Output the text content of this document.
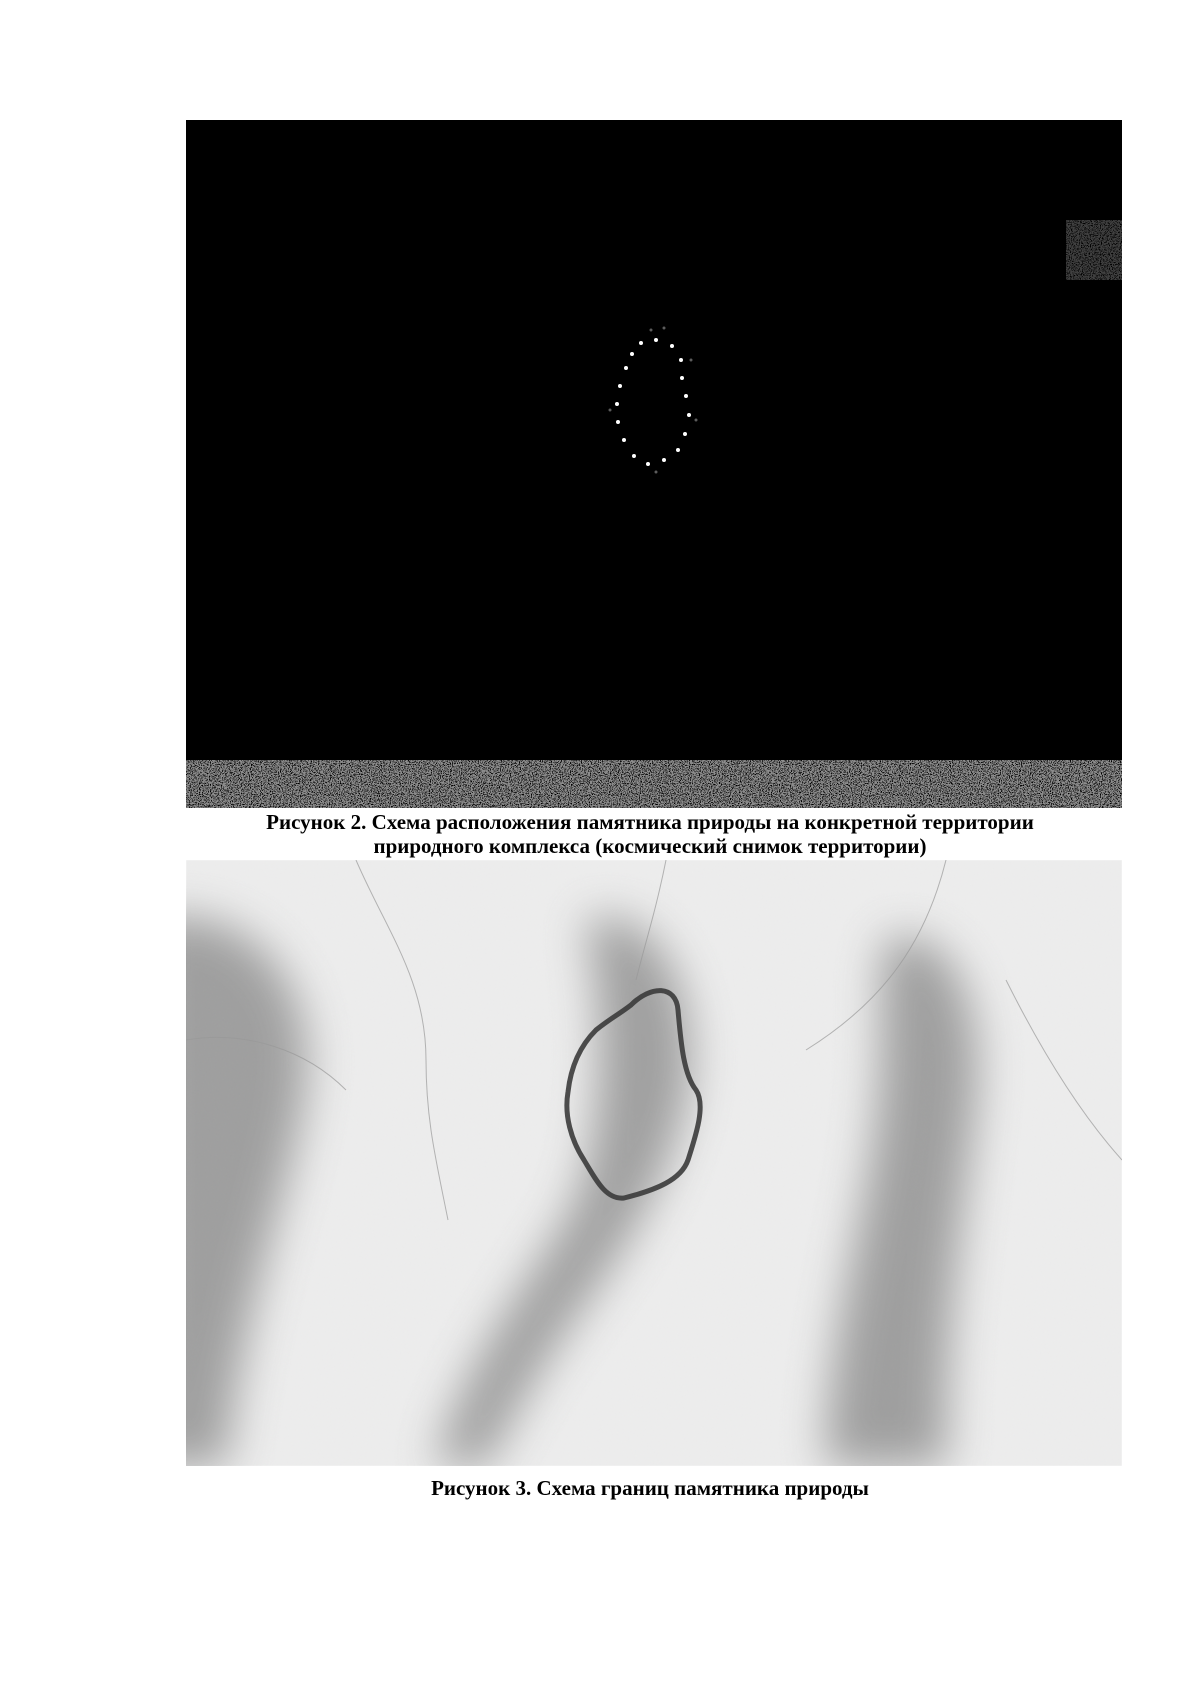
Рисунок 2. Схема расположения памятника природы на конкретной территории
природного комплекса (космический снимок территории)
Рисунок 3. Схема границ памятника природы
